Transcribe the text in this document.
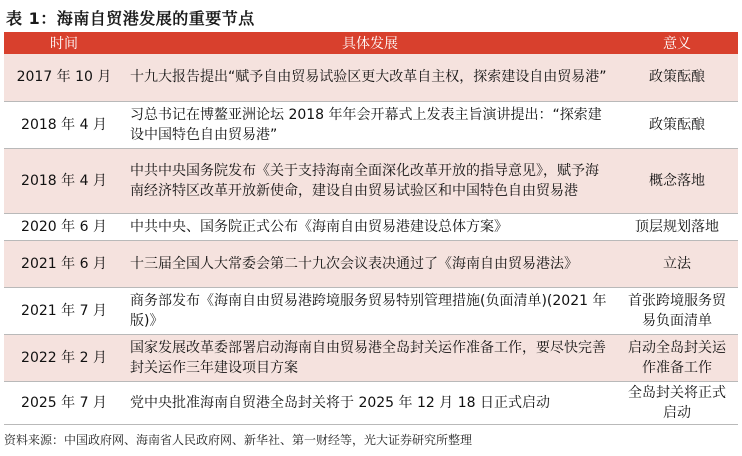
表 1：海南自贸港发展的重要节点
时间	具体发展	意义
2017 年 10 月	十九大报告提出“赋予自由贸易试验区更大改革自主权，探索建设自由贸易港”	政策酝酿
2018 年 4 月	习总书记在博鳌亚洲论坛 2018 年年会开幕式上发表主旨演讲提出：“探索建设中国特色自由贸易港”	政策酝酿
2018 年 4 月	中共中央国务院发布《关于支持海南全面深化改革开放的指导意见》，赋予海南经济特区改革开放新使命，建设自由贸易试验区和中国特色自由贸易港	概念落地
2020 年 6 月	中共中央、国务院正式公布《海南自由贸易港建设总体方案》	顶层规划落地
2021 年 6 月	十三届全国人大常委会第二十九次会议表决通过了《海南自由贸易港法》	立法
2021 年 7 月	商务部发布《海南自由贸易港跨境服务贸易特别管理措施(负面清单)(2021 年版)》	首张跨境服务贸易负面清单
2022 年 2 月	国家发展改革委部署启动海南自由贸易港全岛封关运作准备工作，要尽快完善封关运作三年建设项目方案	启动全岛封关运作准备工作
2025 年 7 月	党中央批准海南自贸港全岛封关将于 2025 年 12 月 18 日正式启动	全岛封关将正式启动
资料来源：中国政府网、海南省人民政府网、新华社、第一财经等，光大证券研究所整理
